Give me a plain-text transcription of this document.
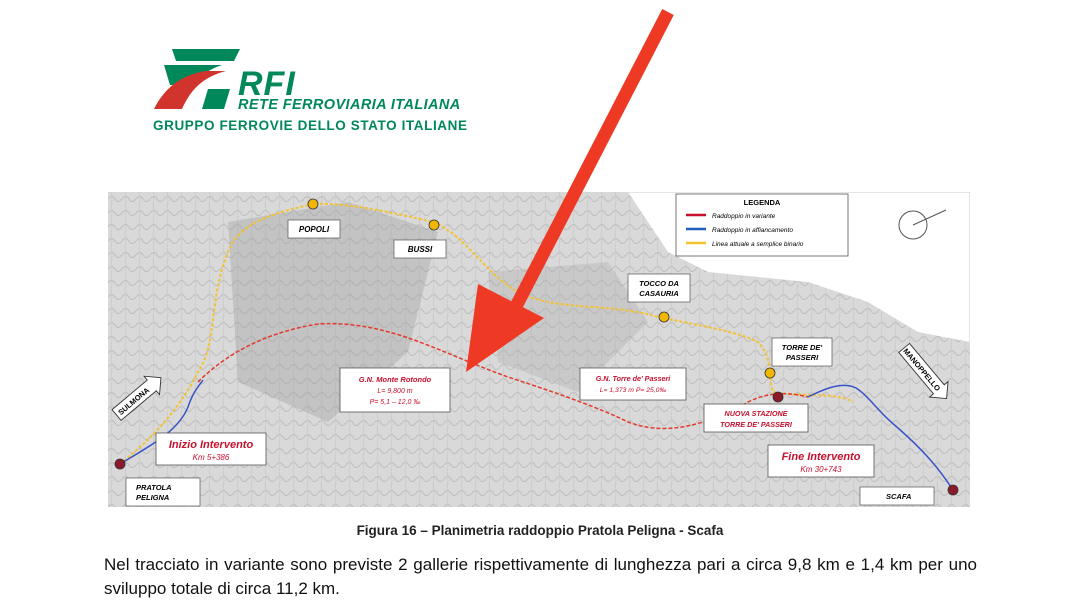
RFI
RETE FERROVIARIA ITALIANA
GRUPPO FERROVIE DELLO STATO ITALIANE
POPOLI
BUSSI
TOCCO DA
CASAURIA
TORRE DE'
PASSERI
PRATOLA
PELIGNA	SCAFA
SULMONA
MANOPPELLO
LEGENDA
Raddoppio in variante
Raddoppio in affiancamento
Linea attuale a semplice binario
G.N. Monte Rotondo
L= 9,800 m
P= 5,1 – 12,0 ‰
G.N. Torre de' Passeri
L= 1,373 m P= 25,0‰
NUOVA STAZIONE
TORRE DE' PASSERI
Inizio Intervento
Km 5+386	Fine Intervento
Km 30+743
Figura 16 – Planimetria raddoppio Pratola Peligna - Scafa
Nel tracciato in variante sono previste 2 gallerie rispettivamente di lunghezza pari a circa 9,8 km e 1,4 km per uno sviluppo totale di circa 11,2 km.
